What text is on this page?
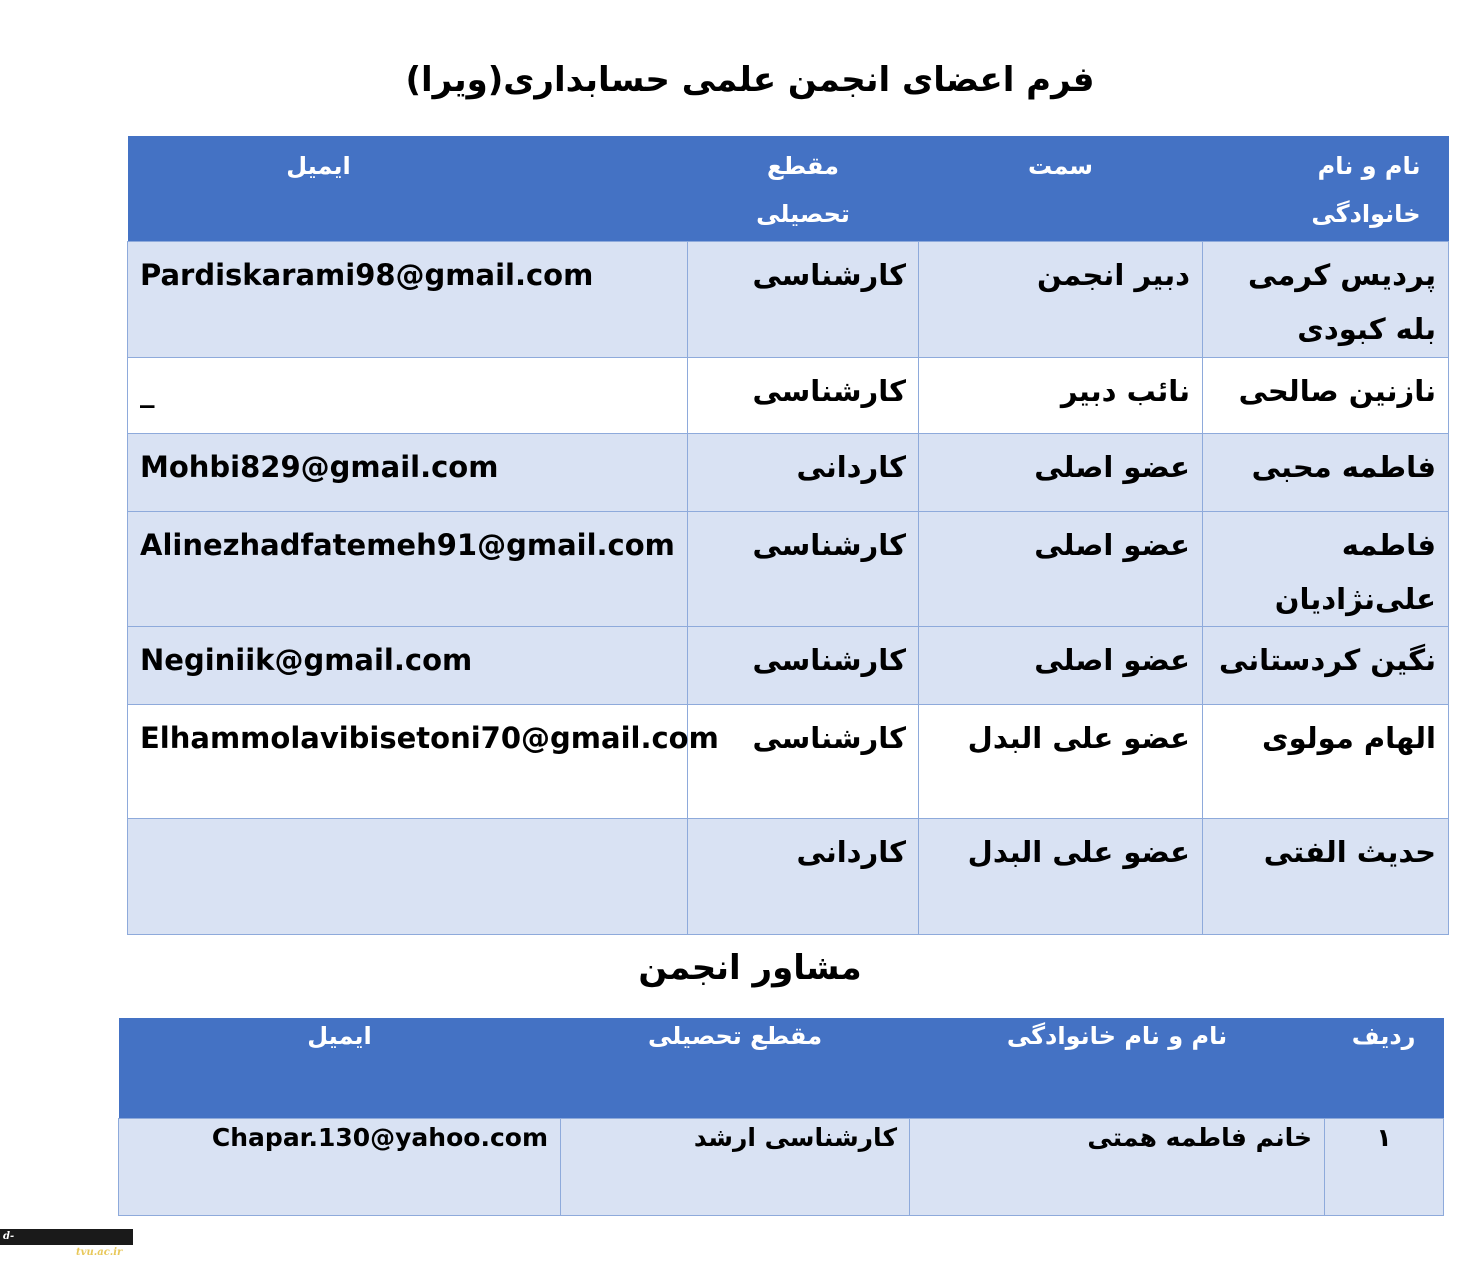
فرم اعضای انجمن علمی حسابداری(ویرا)
نام و نام خانوادگی	سمت	مقطع تحصیلی	ایمیل
پردیس کرمی بله کبودی	دبیر انجمن	کارشناسی	Pardiskarami98@gmail.com
نازنین صالحی	نائب دبیر	کارشناسی	_
فاطمه محبی	عضو اصلی	کاردانی	Mohbi829@gmail.com
فاطمه علی‌نژادیان	عضو اصلی	کارشناسی	Alinezhadfatemeh91@gmail.com
نگین کردستانی	عضو اصلی	کارشناسی	Neginiik@gmail.com
الهام مولوی	عضو علی البدل	کارشناسی	Elhammolavibisetoni70@gmail.com
حدیث الفتی	عضو علی البدل	کاردانی	
مشاور انجمن
ردیف	نام و نام خانوادگی	مقطع تحصیلی	ایمیل
۱	خانم فاطمه همتی	کارشناسی ارشد	Chapar.130@yahoo.com
d-kermanshah.tvu.ac.ir
